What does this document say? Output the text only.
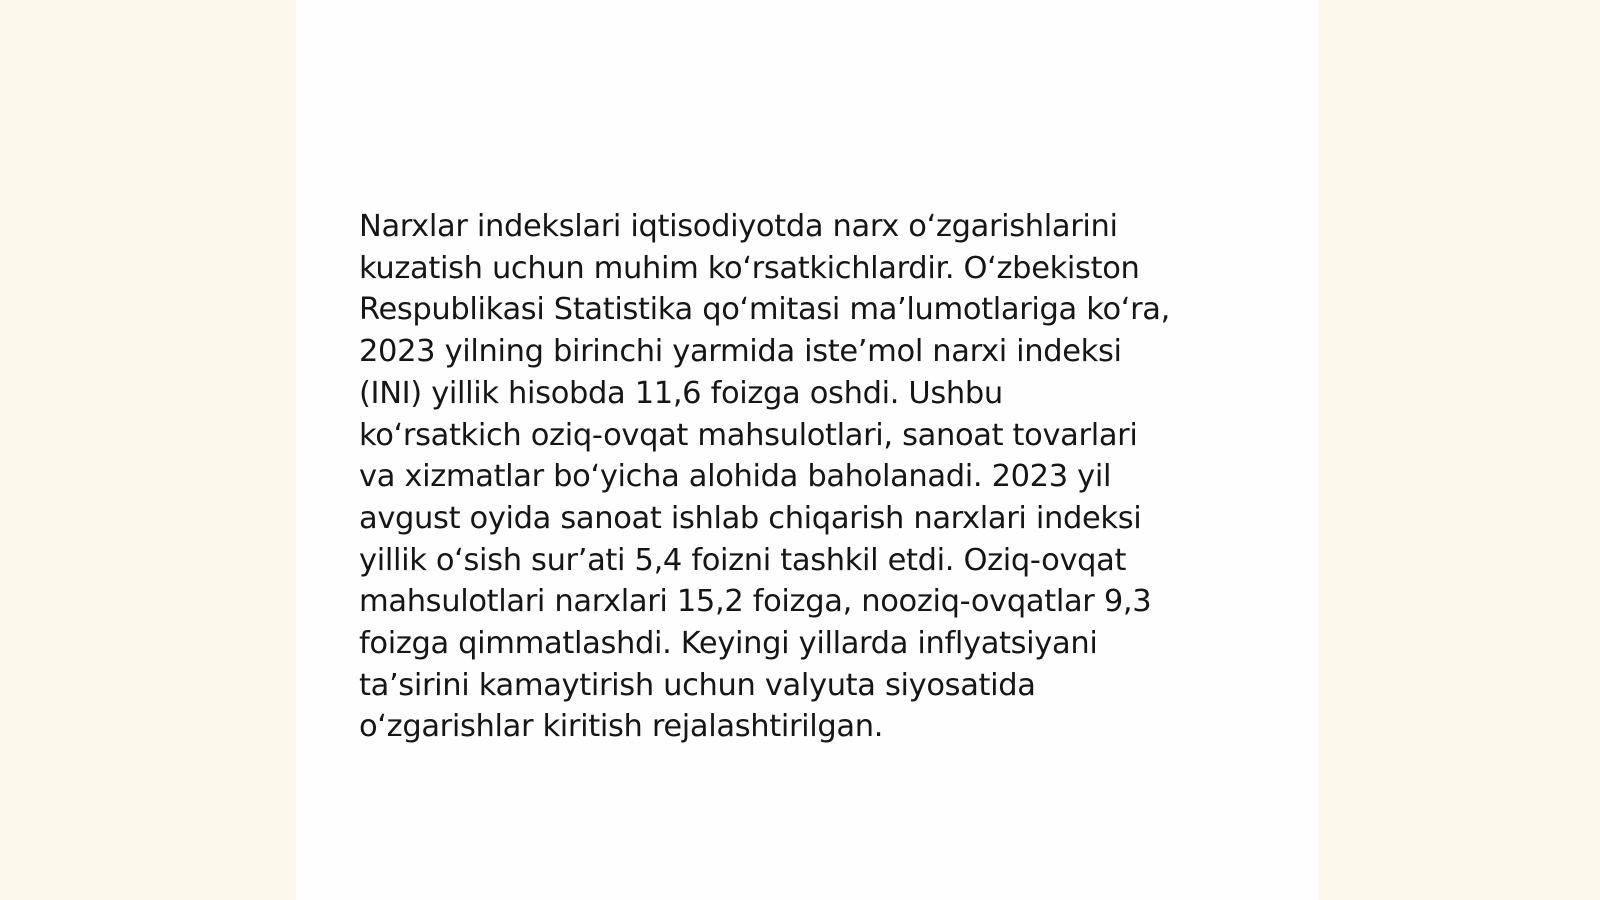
Narxlar indekslari iqtisodiyotda narx oʻzgarishlarini
kuzatish uchun muhim koʻrsatkichlardir. Oʻzbekiston
Respublikasi Statistika qoʻmitasi maʼlumotlariga koʻra,
2023 yilning birinchi yarmida isteʼmol narxi indeksi
(INI) yillik hisobda 11,6 foizga oshdi. Ushbu
koʻrsatkich oziq-ovqat mahsulotlari, sanoat tovarlari
va xizmatlar boʻyicha alohida baholanadi. 2023 yil
avgust oyida sanoat ishlab chiqarish narxlari indeksi
yillik oʻsish surʼati 5,4 foizni tashkil etdi. Oziq-ovqat
mahsulotlari narxlari 15,2 foizga, nooziq-ovqatlar 9,3
foizga qimmatlashdi. Keyingi yillarda inflyatsiyani
taʼsirini kamaytirish uchun valyuta siyosatida
oʻzgarishlar kiritish rejalashtirilgan.
